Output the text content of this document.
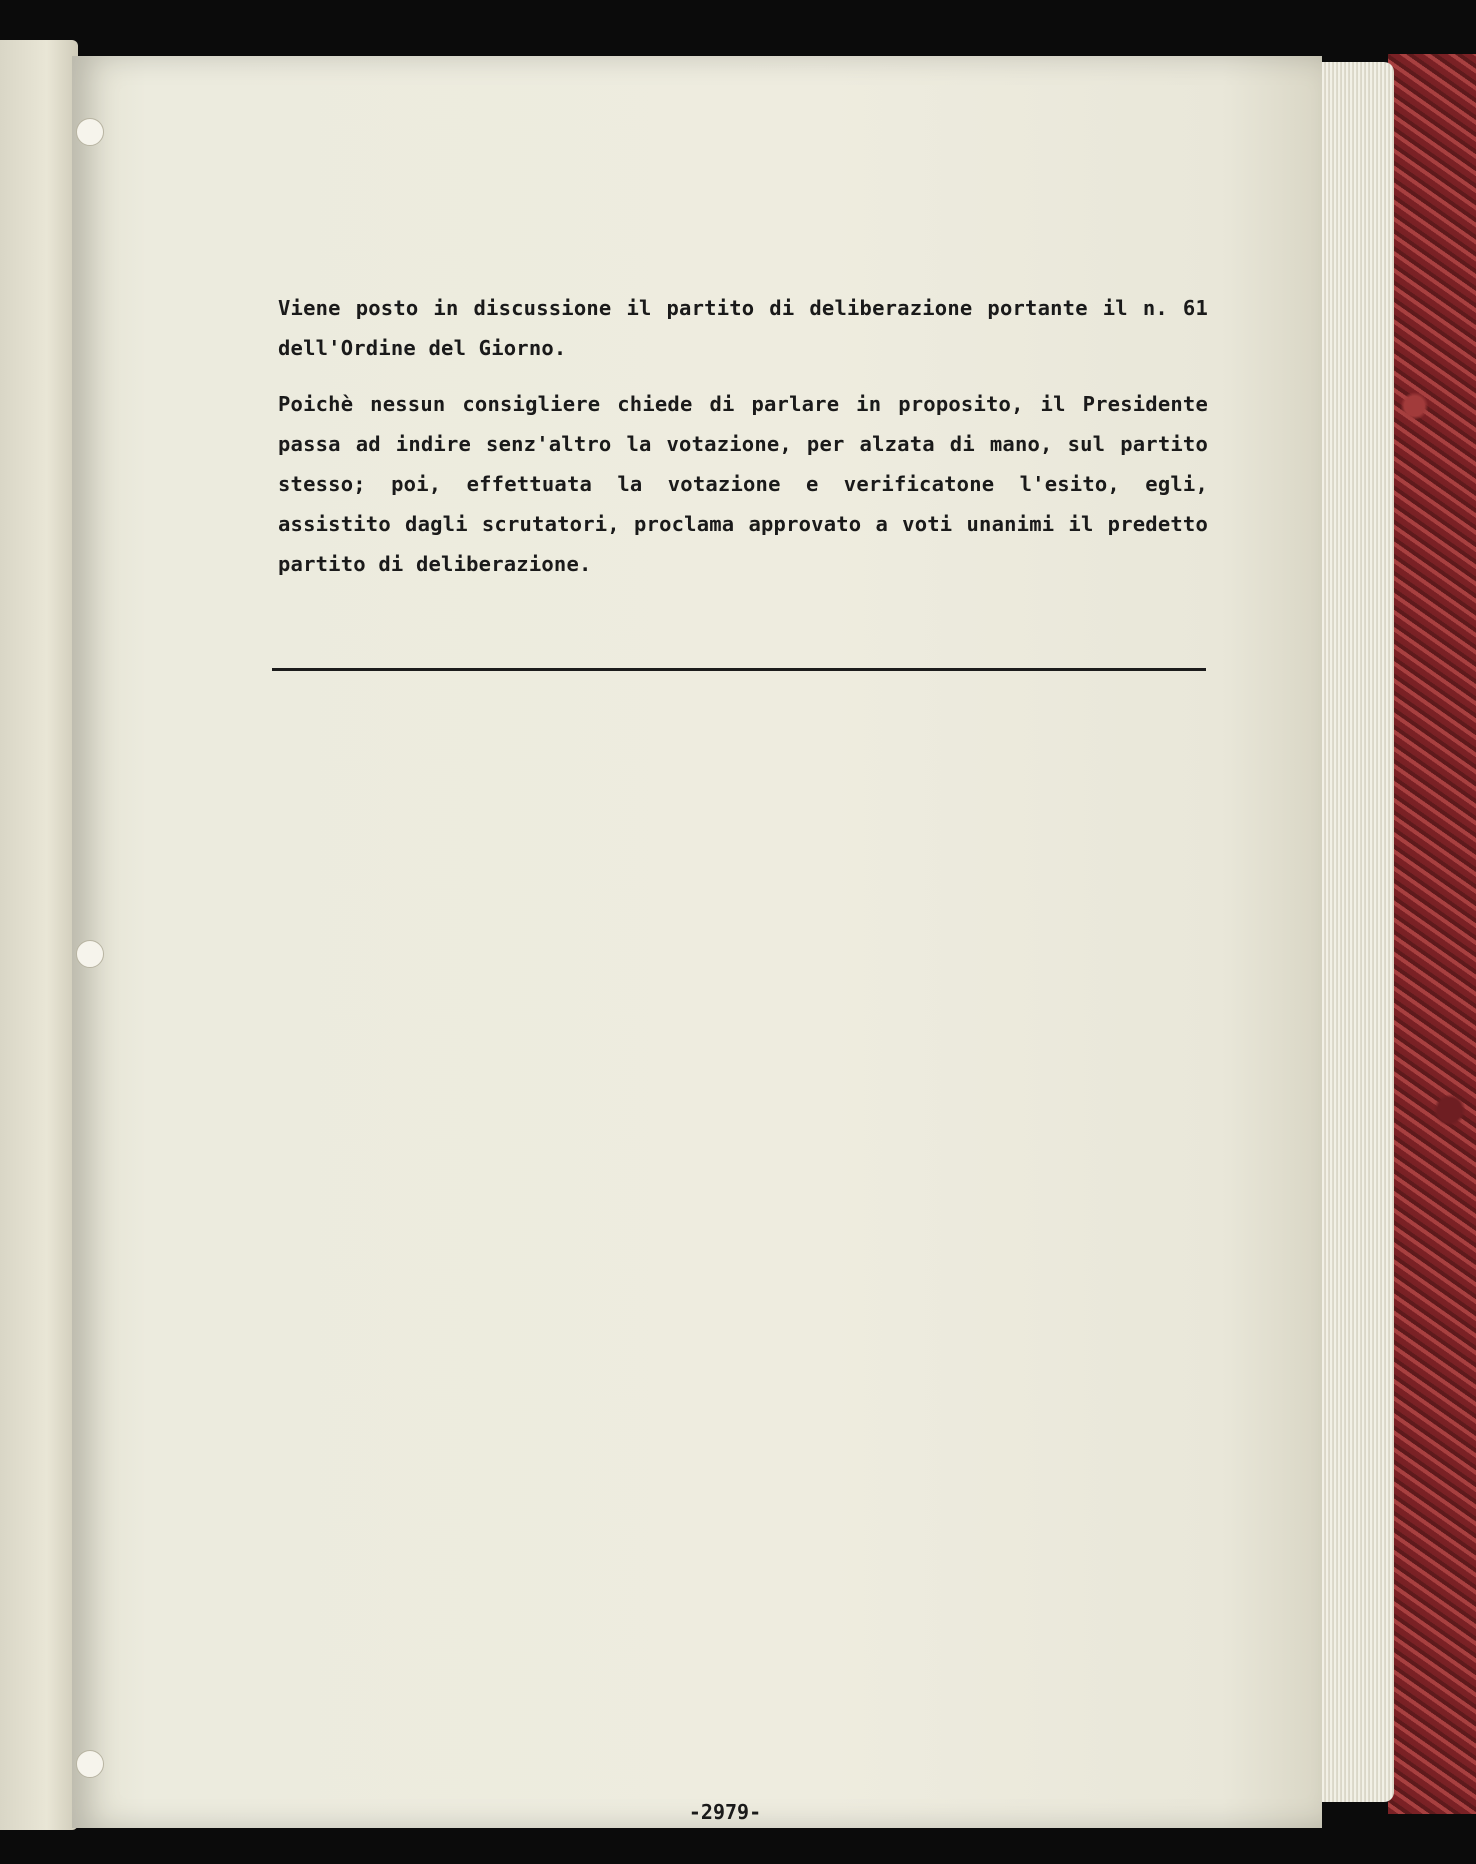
Viene posto in discussione il partito di deliberazione portante il n. 61 dell'Ordine del Giorno.
Poichè nessun consigliere chiede di parlare in proposito, il Presidente passa ad indire senz'altro la votazione, per alzata di mano, sul partito stesso; poi, effettuata la votazione e verificatone l'esito, egli, assistito dagli scrutatori, proclama approvato a voti unanimi il predetto partito di deliberazione.
-2979-
